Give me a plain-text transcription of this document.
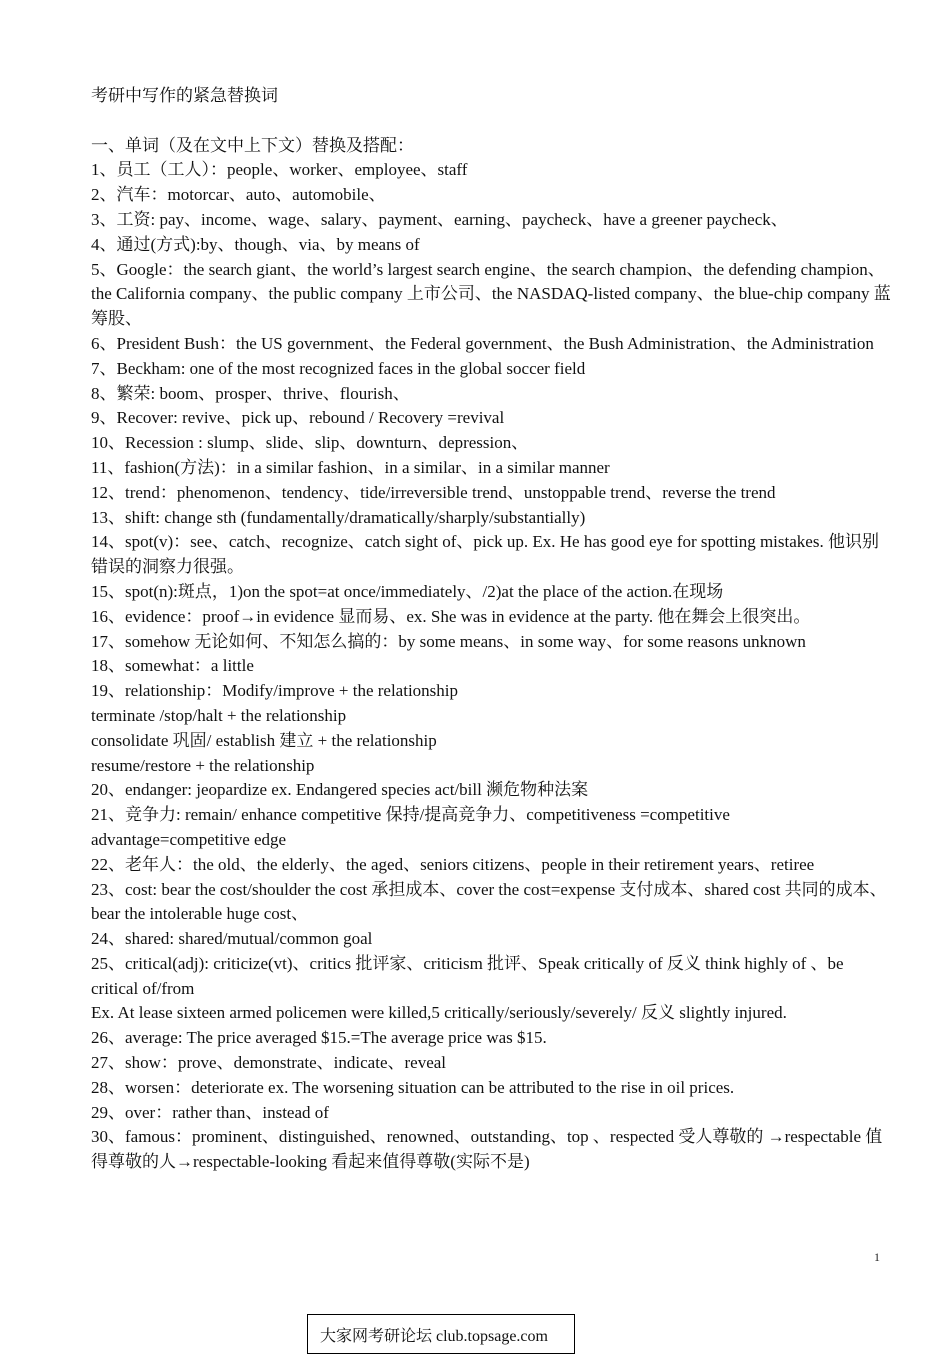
考研中写作的紧急替换词

一、单词（及在文中上下文）替换及搭配：

1、员工（工人）：people、worker、employee、staff

2、汽车：motorcar、auto、automobile、

3、工资: pay、income、wage、salary、payment、earning、paycheck、have a greener paycheck、

4、通过(方式):by、though、via、by means of

5、Google：the search giant、the world’s largest search engine、the search champion、the defending champion、the California company、the public company 上市公司、the NASDAQ-listed company、the blue-chip company 蓝筹股、

6、President Bush：the US government、the Federal government、the Bush Administration、the Administration

7、Beckham: one of the most recognized faces in the global soccer field

8、繁荣: boom、prosper、thrive、flourish、

9、Recover: revive、pick up、rebound / Recovery =revival

10、Recession : slump、slide、slip、downturn、depression、

11、fashion(方法)：in a similar fashion、in a similar、in a similar manner

12、trend：phenomenon、tendency、tide/irreversible trend、unstoppable trend、reverse the trend

13、shift: change sth (fundamentally/dramatically/sharply/substantially)

14、spot(v)：see、catch、recognize、catch sight of、pick up. Ex. He has good eye for spotting mistakes. 他识别错误的洞察力很强。

15、spot(n):斑点，1)on the spot=at once/immediately、/2)at the place of the action.在现场

16、evidence：proof→in evidence 显而易、ex. She was in evidence at the party. 他在舞会上很突出。

17、somehow 无论如何、不知怎么搞的：by some means、in some way、for some reasons unknown

18、somewhat：a little

19、relationship：Modify/improve + the relationship

terminate /stop/halt + the relationship

consolidate 巩固/ establish 建立 + the relationship

resume/restore + the relationship

20、endanger: jeopardize ex. Endangered species act/bill 濒危物种法案

21、竞争力: remain/ enhance competitive 保持/提高竞争力、competitiveness =competitive advantage=competitive edge

22、老年人：the old、the elderly、the aged、seniors citizens、people in their retirement years、retiree

23、cost: bear the cost/shoulder the cost 承担成本、cover the cost=expense 支付成本、shared cost 共同的成本、bear the intolerable huge cost、

24、shared: shared/mutual/common goal

25、critical(adj): criticize(vt)、critics 批评家、criticism 批评、Speak critically of 反义 think highly of 、be critical of/from

Ex. At lease sixteen armed policemen were killed,5 critically/seriously/severely/ 反义 slightly injured.

26、average: The price averaged $15.=The average price was $15.

27、show：prove、demonstrate、indicate、reveal

28、worsen：deteriorate ex. The worsening situation can be attributed to the rise in oil prices.

29、over：rather than、instead of

30、famous：prominent、distinguished、renowned、outstanding、top 、respected 受人尊敬的 →respectable 值得尊敬的人→respectable-looking 看起来值得尊敬(实际不是)

1
大家网考研论坛 club.topsage.com
